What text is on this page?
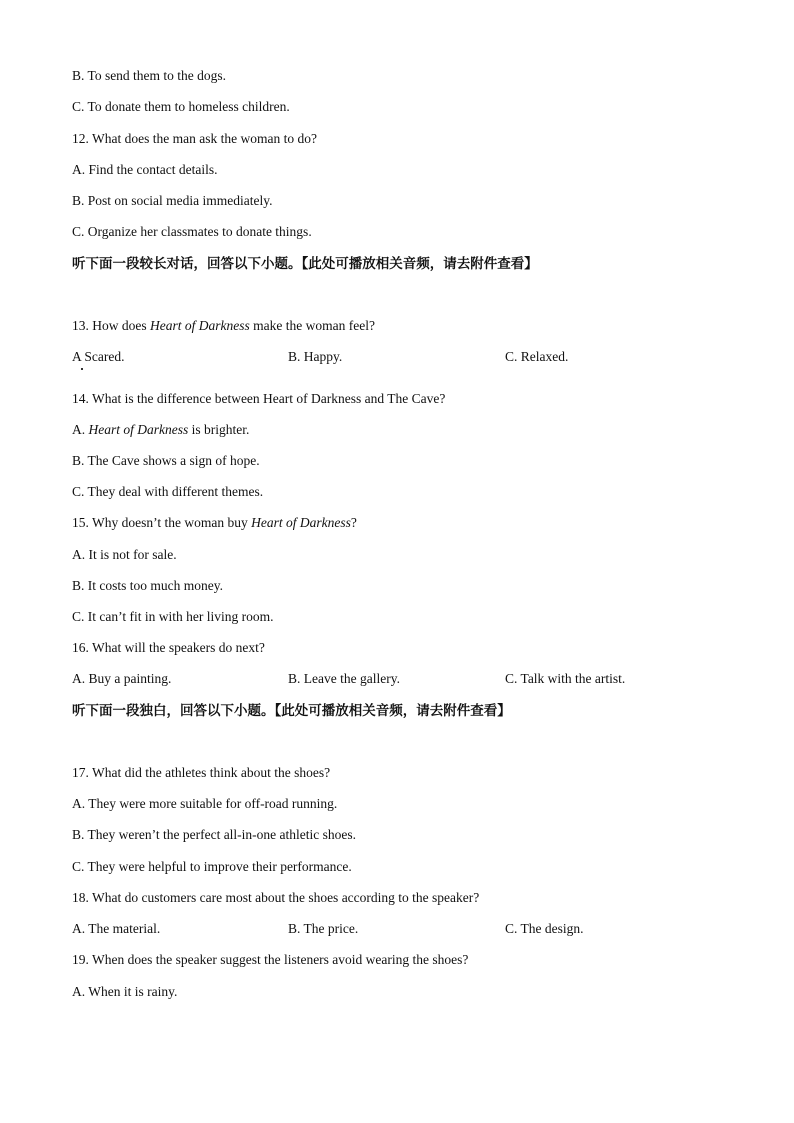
B. To send them to the dogs.
C. To donate them to homeless children.
12. What does the man ask the woman to do?
A. Find the contact details.
B. Post on social media immediately.
C. Organize her classmates to donate things.
听下面一段较长对话，回答以下小题。【此处可播放相关音频，请去附件查看】
13. How does Heart of Darkness make the woman feel?
A Scared.	B. Happy.	C. Relaxed.
14. What is the difference between Heart of Darkness and The Cave?
A. Heart of Darkness is brighter.
B. The Cave shows a sign of hope.
C. They deal with different themes.
15. Why doesn’t the woman buy Heart of Darkness?
A. It is not for sale.
B. It costs too much money.
C. It can’t fit in with her living room.
16. What will the speakers do next?
A. Buy a painting.	B. Leave the gallery.	C. Talk with the artist.
听下面一段独白，回答以下小题。【此处可播放相关音频，请去附件查看】
17. What did the athletes think about the shoes?
A. They were more suitable for off-road running.
B. They weren’t the perfect all-in-one athletic shoes.
C. They were helpful to improve their performance.
18. What do customers care most about the shoes according to the speaker?
A. The material.	B. The price.	C. The design.
19. When does the speaker suggest the listeners avoid wearing the shoes?
A. When it is rainy.
